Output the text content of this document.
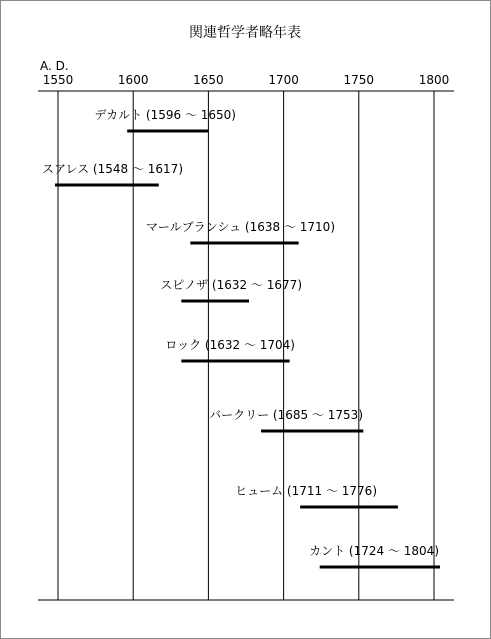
関連哲学者略年表
A. D.
1550	1600	1650	1700	1750	1800
デカルト (1596 〜 1650)
スアレス (1548 〜 1617)
マールブランシュ (1638 〜 1710)
スピノザ (1632 〜 1677)
ロック (1632 〜 1704)
バークリー (1685 〜 1753)
ヒューム (1711 〜 1776)
カント (1724 〜 1804)
